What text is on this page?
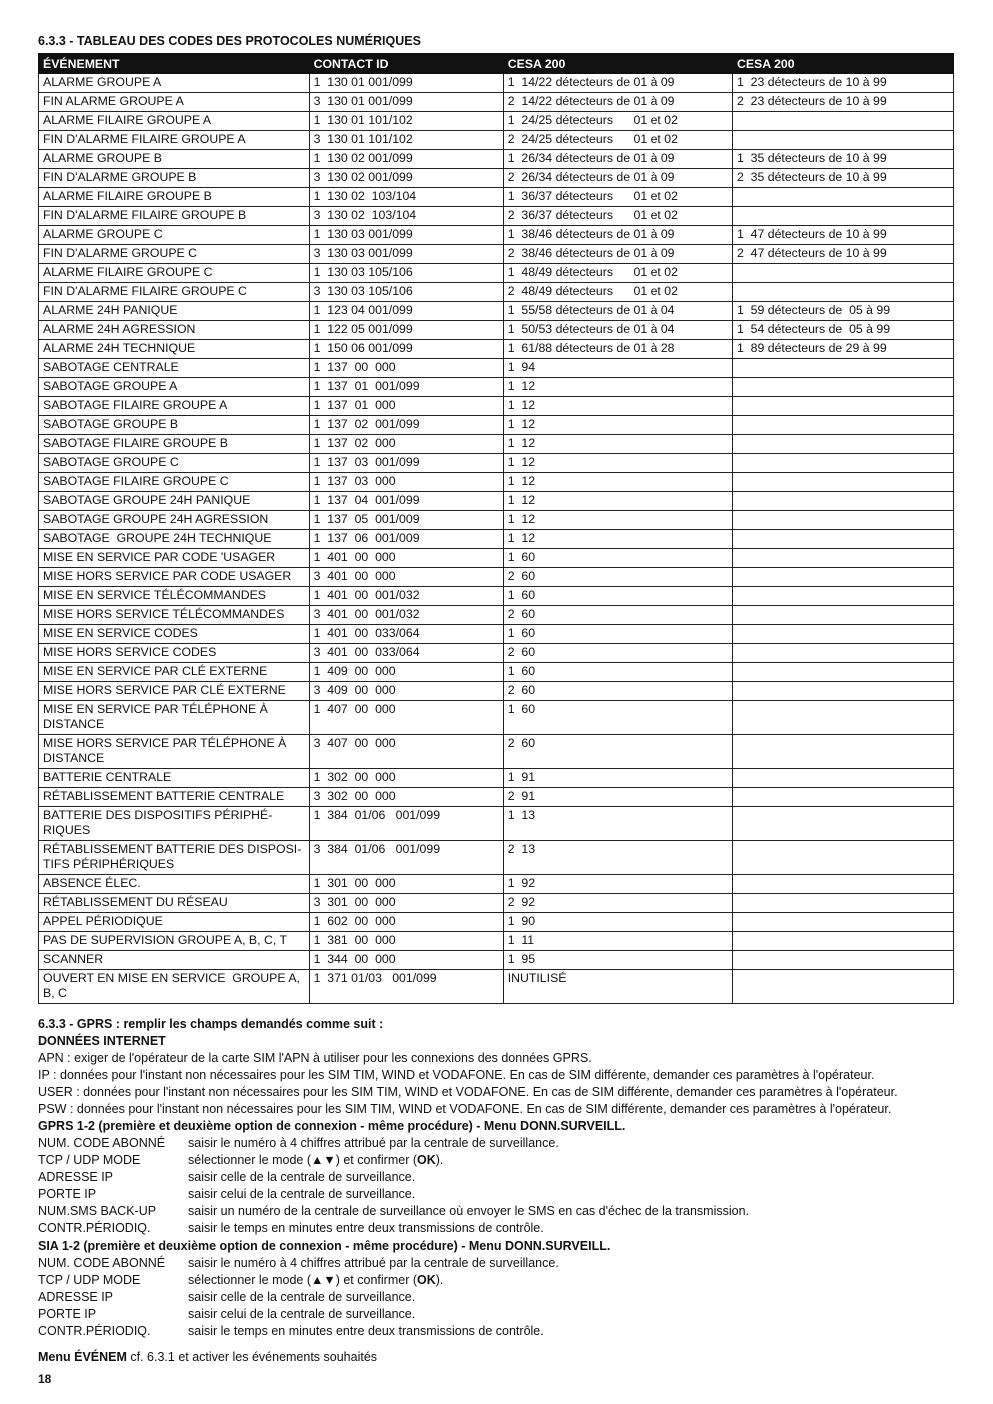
6.3.3 - TABLEAU DES CODES DES PROTOCOLES NUMÉRIQUES
ÉVÉNEMENT	CONTACT ID	CESA 200	CESA 200
ALARME GROUPE A	1  130 01 001/099	1  14/22 détecteurs de 01 à 09	1  23 détecteurs de 10 à 99
FIN ALARME GROUPE A	3  130 01 001/099	2  14/22 détecteurs de 01 à 09	2  23 détecteurs de 10 à 99
ALARME FILAIRE GROUPE A	1  130 01 101/102	1  24/25 détecteurs      01 et 02	
FIN D'ALARME FILAIRE GROUPE A	3  130 01 101/102	2  24/25 détecteurs      01 et 02	
ALARME GROUPE B	1  130 02 001/099	1  26/34 détecteurs de 01 à 09	1  35 détecteurs de 10 à 99
FIN D'ALARME GROUPE B	3  130 02 001/099	2  26/34 détecteurs de 01 à 09	2  35 détecteurs de 10 à 99
ALARME FILAIRE GROUPE B	1  130 02  103/104	1  36/37 détecteurs      01 et 02	
FIN D'ALARME FILAIRE GROUPE B	3  130 02  103/104	2  36/37 détecteurs      01 et 02	
ALARME GROUPE C	1  130 03 001/099	1  38/46 détecteurs de 01 à 09	1  47 détecteurs de 10 à 99
FIN D'ALARME GROUPE C	3  130 03 001/099	2  38/46 détecteurs de 01 à 09	2  47 détecteurs de 10 à 99
ALARME FILAIRE GROUPE C	1  130 03 105/106	1  48/49 détecteurs      01 et 02	
FIN D'ALARME FILAIRE GROUPE C	3  130 03 105/106	2  48/49 détecteurs      01 et 02	
ALARME 24H PANIQUE	1  123 04 001/099	1  55/58 détecteurs de 01 à 04	1  59 détecteurs de  05 à 99
ALARME 24H AGRESSION	1  122 05 001/099	1  50/53 détecteurs de 01 à 04	1  54 détecteurs de  05 à 99
ALARME 24H TECHNIQUE	1  150 06 001/099	1  61/88 détecteurs de 01 à 28	1  89 détecteurs de 29 à 99
SABOTAGE CENTRALE	1  137  00  000	1  94	
SABOTAGE GROUPE A	1  137  01  001/099	1  12	
SABOTAGE FILAIRE GROUPE A	1  137  01  000	1  12	
SABOTAGE GROUPE B	1  137  02  001/099	1  12	
SABOTAGE FILAIRE GROUPE B	1  137  02  000	1  12	
SABOTAGE GROUPE C	1  137  03  001/099	1  12	
SABOTAGE FILAIRE GROUPE C	1  137  03  000	1  12	
SABOTAGE GROUPE 24H PANIQUE	1  137  04  001/099	1  12	
SABOTAGE GROUPE 24H AGRESSION	1  137  05  001/009	1  12	
SABOTAGE  GROUPE 24H TECHNIQUE	1  137  06  001/009	1  12	
MISE EN SERVICE PAR CODE 'USAGER	1  401  00  000	1  60	
MISE HORS SERVICE PAR CODE USAGER	3  401  00  000	2  60	
MISE EN SERVICE TÉLÉCOMMANDES	1  401  00  001/032	1  60	
MISE HORS SERVICE TÉLÉCOMMANDES	3  401  00  001/032	2  60	
MISE EN SERVICE CODES	1  401  00  033/064	1  60	
MISE HORS SERVICE CODES	3  401  00  033/064	2  60	
MISE EN SERVICE PAR CLÉ EXTERNE	1  409  00  000	1  60	
MISE HORS SERVICE PAR CLÉ EXTERNE	3  409  00  000	2  60	
MISE EN SERVICE PAR TÉLÉPHONE À DISTANCE	1  407  00  000	1  60	
MISE HORS SERVICE PAR TÉLÉPHONE À DISTANCE	3  407  00  000	2  60	
BATTERIE CENTRALE	1  302  00  000	1  91	
RÉTABLISSEMENT BATTERIE CENTRALE	3  302  00  000	2  91	
BATTERIE DES DISPOSITIFS PÉRIPHÉ-RIQUES	1  384  01/06   001/099	1  13	
RÉTABLISSEMENT BATTERIE DES DISPOSI-TIFS PÉRIPHÉRIQUES	3  384  01/06   001/099	2  13	
ABSENCE ÉLEC.	1  301  00  000	1  92	
RÉTABLISSEMENT DU RÉSEAU	3  301  00  000	2  92	
APPEL PÉRIODIQUE	1  602  00  000	1  90	
PAS DE SUPERVISION GROUPE A, B, C, T	1  381  00  000	1  11	
SCANNER	1  344  00  000	1  95	
OUVERT EN MISE EN SERVICE  GROUPE A, B, C	1  371 01/03   001/099	INUTILISÉ	

6.3.3 - GPRS : remplir les champs demandés comme suit :

DONNÉES INTERNET

APN : exiger de l'opérateur de la carte SIM l'APN à utiliser pour les connexions des données GPRS.

IP : données pour l'instant non nécessaires pour les SIM TIM, WIND et VODAFONE. En cas de SIM différente, demander ces paramètres à l'opérateur.

USER : données pour l'instant non nécessaires pour les SIM TIM, WIND et VODAFONE. En cas de SIM différente, demander ces paramètres à l'opérateur.

PSW : données pour l'instant non nécessaires pour les SIM TIM, WIND et VODAFONE. En cas de SIM différente, demander ces paramètres à l'opérateur.

GPRS 1-2 (première et deuxième option de connexion - même procédure) - Menu DONN.SURVEILL.

NUM. CODE ABONNÉ	saisir le numéro à 4 chiffres attribué par la centrale de surveillance.
TCP / UDP MODE	sélectionner le mode (▲▼) et confirmer (OK).
ADRESSE IP	saisir celle de la centrale de surveillance.
PORTE IP	saisir celui de la centrale de surveillance.
NUM.SMS BACK-UP	saisir un numéro de la centrale de surveillance où envoyer le SMS en cas d'échec de la transmission.
CONTR.PÉRIODIQ.	saisir le temps en minutes entre deux transmissions de contrôle.

SIA 1-2 (première et deuxième option de connexion - même procédure) - Menu DONN.SURVEILL.

NUM. CODE ABONNÉ	saisir le numéro à 4 chiffres attribué par la centrale de surveillance.
TCP / UDP MODE	sélectionner le mode (▲▼) et confirmer (OK).
ADRESSE IP	saisir celle de la centrale de surveillance.
PORTE IP	saisir celui de la centrale de surveillance.
CONTR.PÉRIODIQ.	saisir le temps en minutes entre deux transmissions de contrôle.
Menu ÉVÉNEM cf. 6.3.1 et activer les événements souhaités
18
